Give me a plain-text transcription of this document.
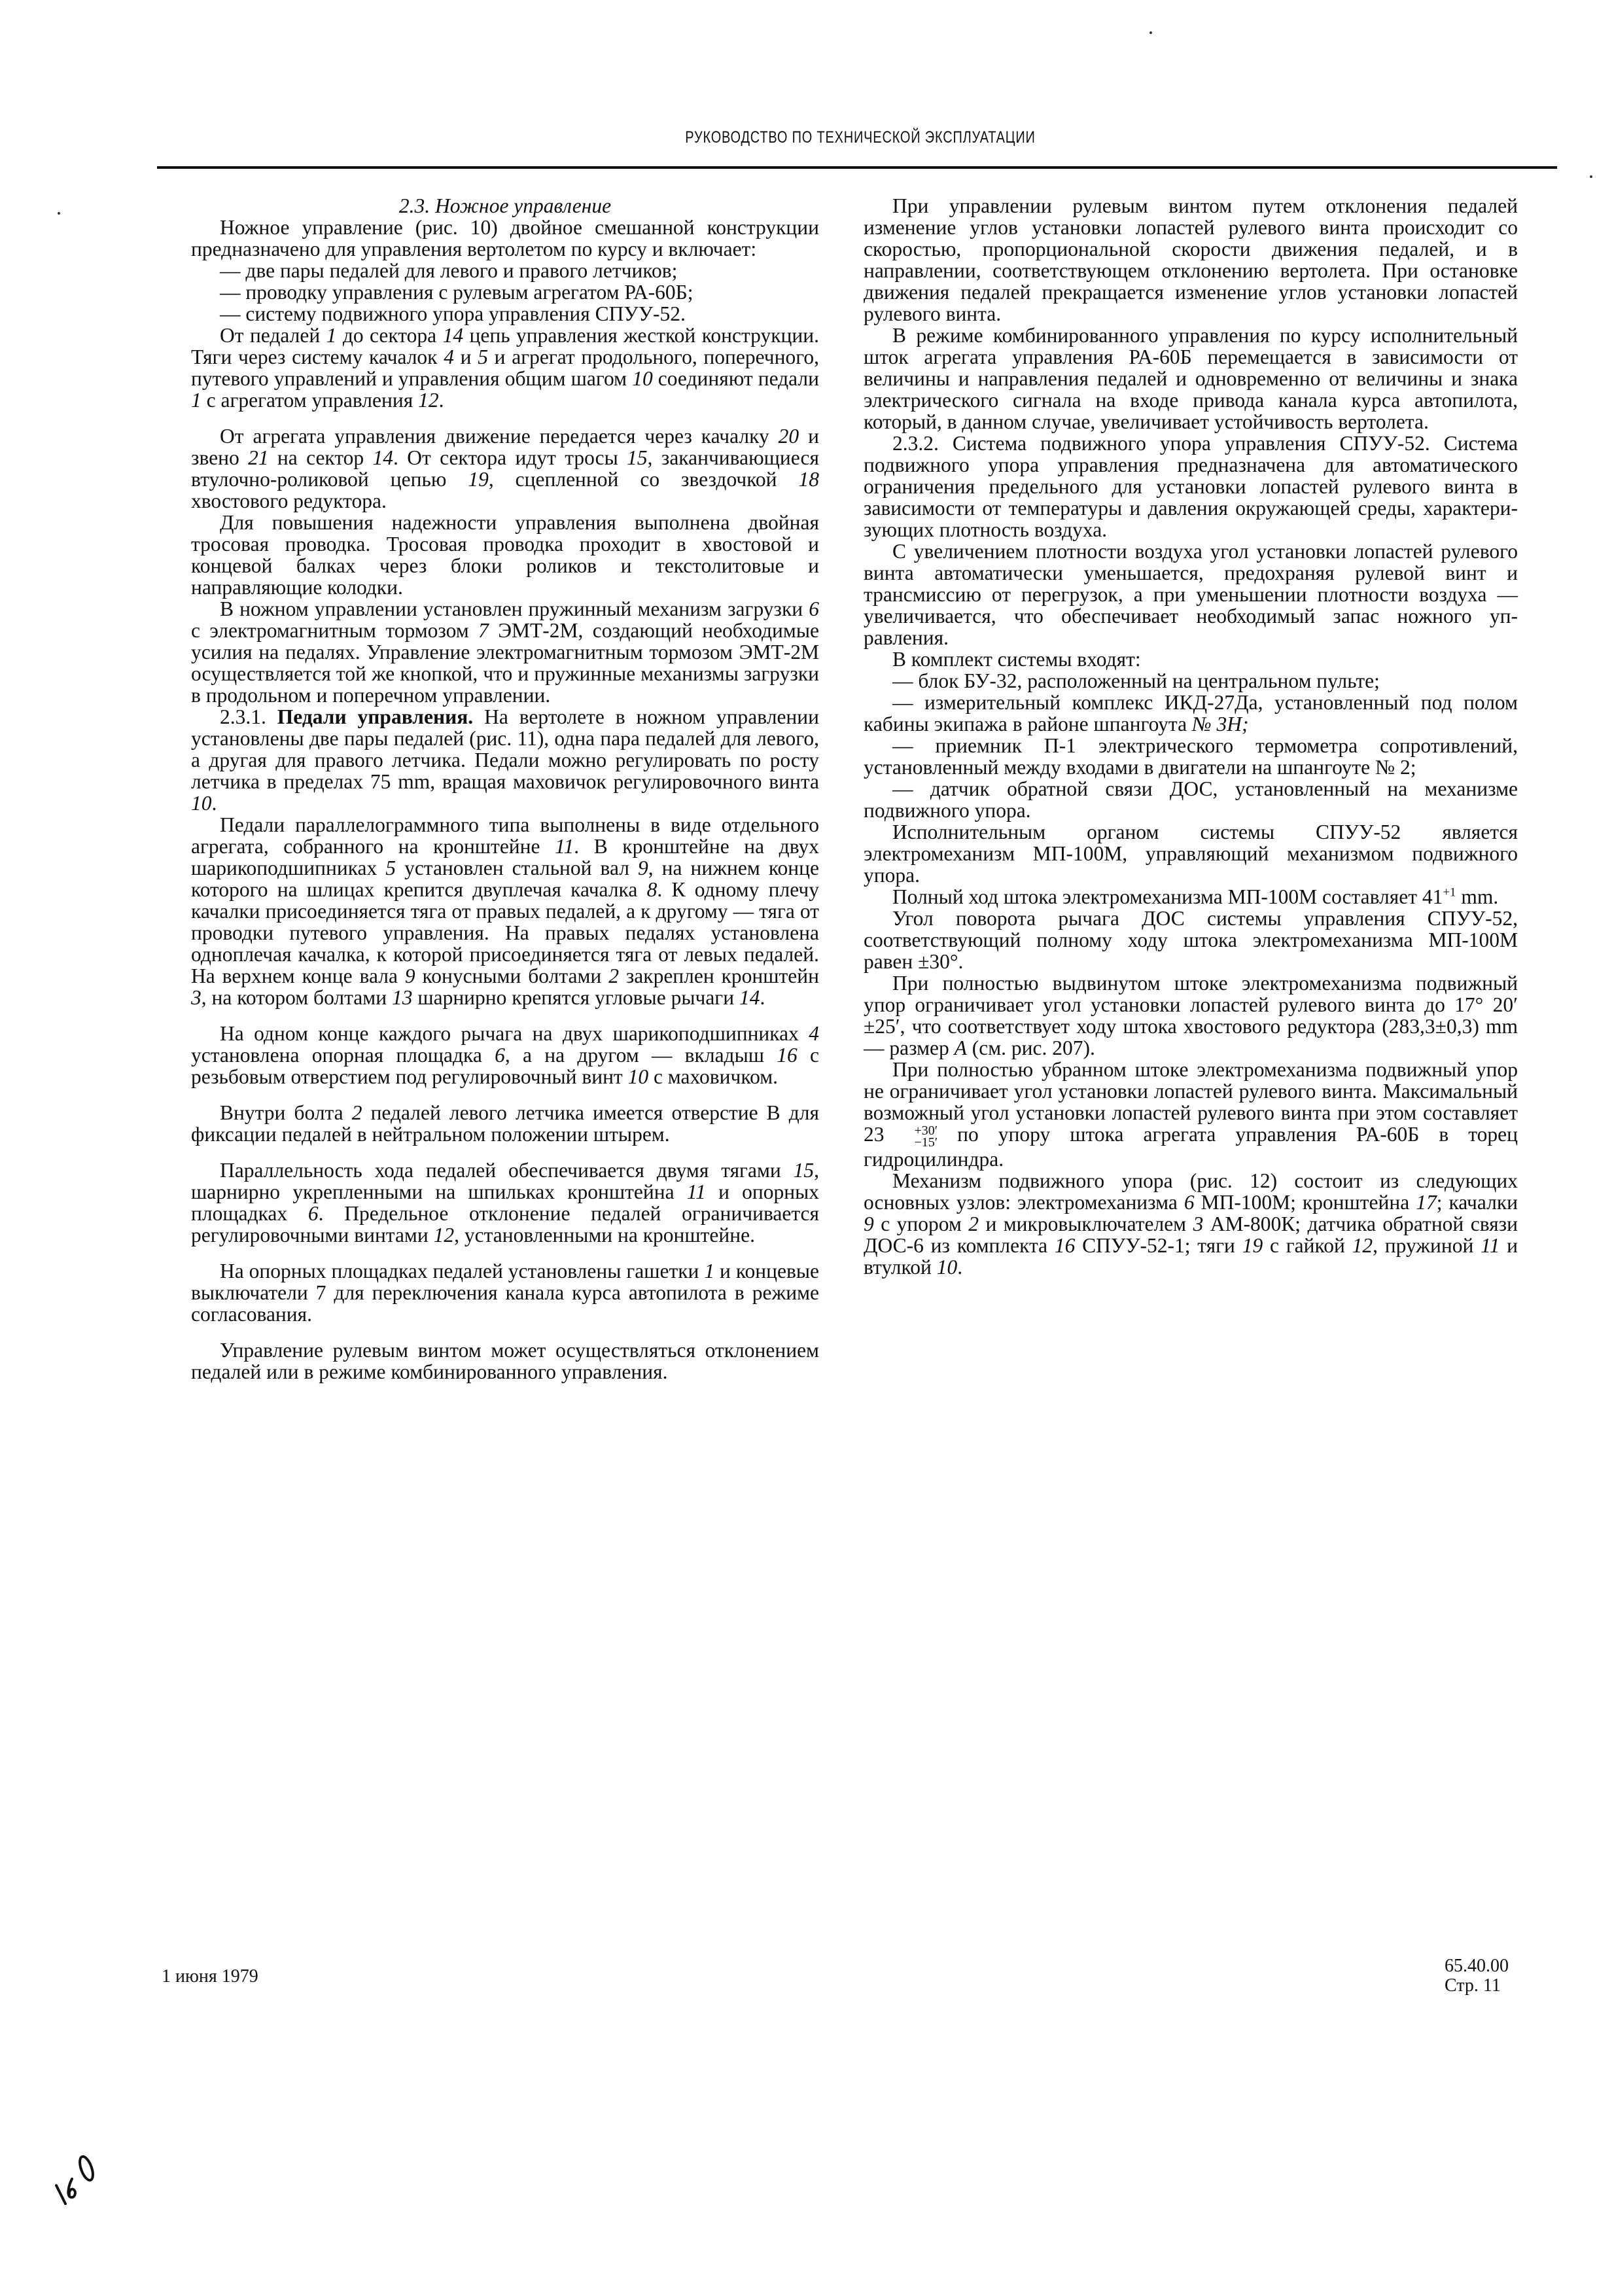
РУКОВОДСТВО ПО ТЕХНИЧЕСКОЙ ЭКСПЛУАТАЦИИ

2.3. Ножное управление

Ножное управление (рис. 10) двойное смешанной конструкции предназначено для управления вертолетом по курсу и включает:

— две пары педалей для левого и правого летчиков;

— проводку управления с рулевым агрегатом РА-60Б;

— систему подвижного упора управления СПУУ-52.

От педалей 1 до сектора 14 цепь управления жесткой конструкции. Тяги через систему качалок 4 и 5 и агрегат продольного, поперечного, путевого управлений и управления общим шагом 10 соединяют педали 1 с агрегатом управления 12.

От агрегата управления движение передается через качалку 20 и звено 21 на сектор 14. От сектора идут тросы 15, заканчивающиеся втулочно-роликовой цепью 19, сцепленной со звездочкой 18 хвостового редуктора.

Для повышения надежности управления выполнена двойная тросовая проводка. Тросовая проводка проходит в хвостовой и концевой балках через блоки роликов и текстолитовые и направляющие колодки.

В ножном управлении установлен пружинный механизм загрузки 6 с электромагнитным тормозом 7 ЭМТ-2М, создающий необходимые усилия на педалях. Управление электромагнитным тормозом ЭМТ-2М осуществляется той же кнопкой, что и пружинные механизмы загрузки в продольном и поперечном управлении.

2.3.1. Педали управления. На вертолете в ножном управлении установлены две пары педалей (рис. 11), одна пара педалей для левого, а другая для правого летчика. Педали можно регулировать по росту летчика в пределах 75 mm, вращая маховичок регулировочного винта 10.

Педали параллелограммного типа выполнены в виде отдельного агрегата, собранного на кронштейне 11. В кронштейне на двух шарикоподшипниках 5 установлен стальной вал 9, на нижнем конце которого на шлицах крепится двуплечая качалка 8. К одному плечу качалки присоединяется тяга от правых педалей, а к другому — тяга от проводки путевого управления. На правых педалях установлена одноплечая качалка, к которой присоединяется тяга от левых педалей. На верхнем конце вала 9 конусными болтами 2 закреплен кронштейн 3, на котором болтами 13 шарнирно крепятся угловые рычаги 14.

На одном конце каждого рычага на двух шарикоподшипниках 4 установлена опорная площадка 6, а на другом — вкладыш 16 с резьбовым отверстием под регулировочный винт 10 с маховичком.

Внутри болта 2 педалей левого летчика имеется отверстие В для фиксации педалей в нейтральном положении штырем.

Параллельность хода педалей обеспечивается двумя тягами 15, шарнирно укрепленными на шпильках кронштейна 11 и опорных площадках 6. Предельное отклонение педалей ограничивается регулировочными винтами 12, установленными на кронштейне.

На опорных площадках педалей установлены гашетки 1 и концевые выключатели 7 для переключения канала курса автопилота в режиме согласования.

Управление рулевым винтом может осуществляться отклонением педалей или в режиме комбинированного управления.

При управлении рулевым винтом путем отклонения педалей изменение углов установки лопастей рулевого винта происходит со скоростью, пропорциональной скорости движения педалей, и в направлении, соответствующем отклонению вертолета. При остановке движения педалей прекращается изменение углов установки лопастей рулевого винта.

В режиме комбинированного управления по курсу исполнительный шток агрегата управления РА-60Б перемещается в зависимости от величины и направления педалей и одновременно от величины и знака электрического сигнала на входе привода канала курса автопилота, который, в данном случае, увеличивает устойчивость вертолета.

2.3.2. Система подвижного упора управления СПУУ-52. Система подвижного упора управления предназначена для автоматического ограничения предельного для установки лопастей рулевого винта в зависимости от температуры и давления окружающей среды, характеризующих плотность воздуха.

С увеличением плотности воздуха угол установки лопастей рулевого винта автоматически уменьшается, предохраняя рулевой винт и трансмиссию от перегрузок, а при уменьшении плотности воздуха — увеличивается, что обеспечивает необходимый запас ножного управления.

В комплект системы входят:

— блок БУ-32, расположенный на центральном пульте;

— измерительный комплекс ИКД-27Да, установленный под полом кабины экипажа в районе шпангоута № 3Н;

— приемник П-1 электрического термометра сопротивлений, установленный между входами в двигатели на шпангоуте № 2;

— датчик обратной связи ДОС, установленный на механизме подвижного упора.

Исполнительным органом системы СПУУ-52 является электромеханизм МП-100М, управляющий механизмом подвижного упора.

Полный ход штока электромеханизма МП-100М составляет $41^{+1}$ mm.

Угол поворота рычага ДОС системы управления СПУУ-52, соответствующий полному ходу штока электромеханизма МП-100М равен ±30°.

При полностью выдвинутом штоке электромеханизма подвижный упор ограничивает угол установки лопастей рулевого винта до 17° 20′ ±25′, что соответствует ходу штока хвостового редуктора (283,3±0,3) mm — размер А (см. рис. 207).

При полностью убранном штоке электромеханизма подвижный упор не ограничивает угол установки лопастей рулевого винта. Максимальный возможный угол установки лопастей рулевого винта при этом составляет 23	+30′
−15′ по упору штока агрегата управления РА-60Б в торец гидроцилиндра.

Механизм подвижного упора (рис. 12) состоит из следующих основных узлов: электромеханизма 6 МП-100М; кронштейна 17; качалки 9 с упором 2 и микровыключателем 3 АМ-800К; датчика обратной связи ДОС-6 из комплекта 16 СПУУ-52-1; тяги 19 с гайкой 12, пружиной 11 и втулкой 10.

1 июня 1979
65.40.00
Стр. 11
